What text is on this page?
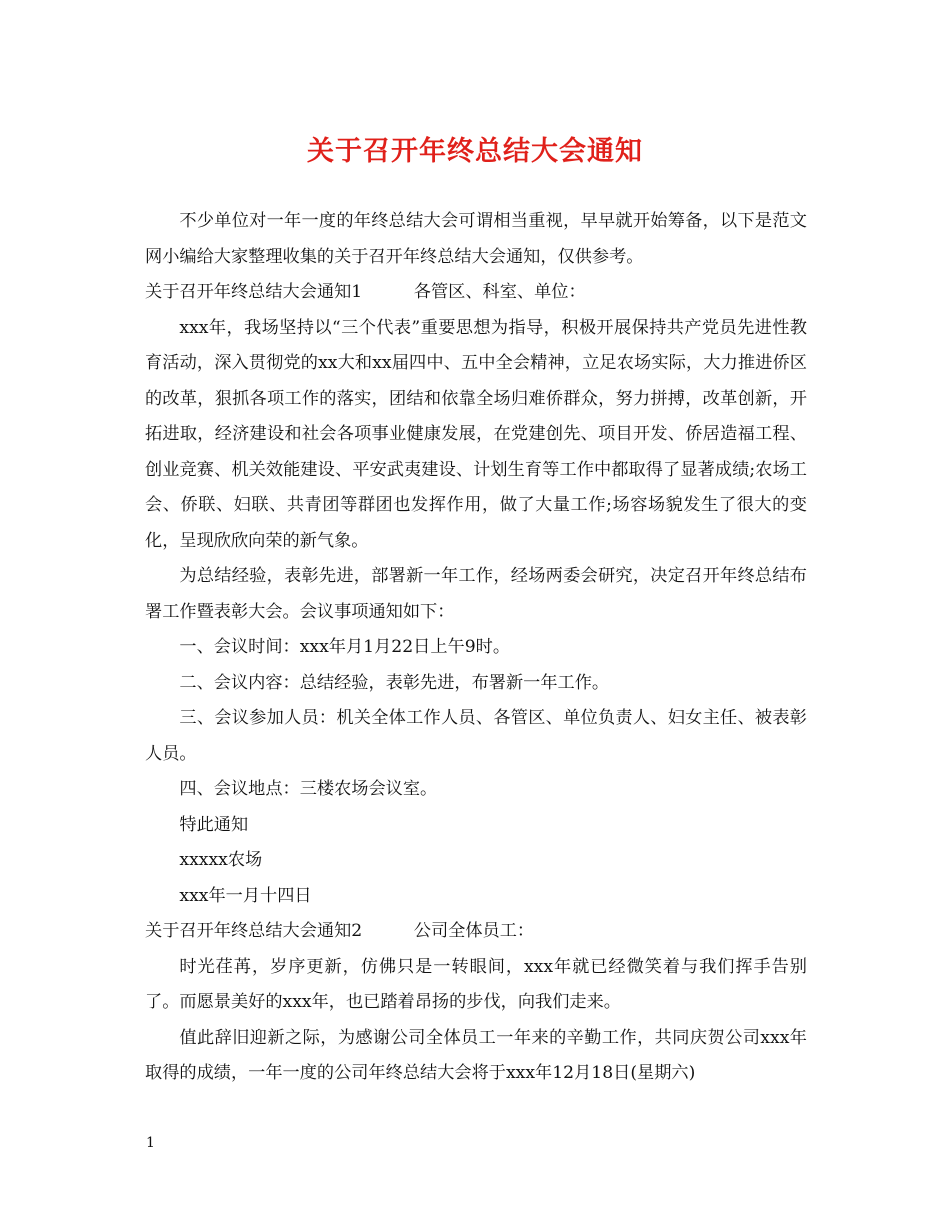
关于召开年终总结大会通知

不少单位对一年一度的年终总结大会可谓相当重视，早早就开始筹备，以下是范文网小编给大家整理收集的关于召开年终总结大会通知，仅供参考。

关于召开年终总结大会通知1	各管区、科室、单位：

xxx年，我场坚持以“三个代表”重要思想为指导，积极开展保持共产党员先进性教育活动，深入贯彻党的xx大和xx届四中、五中全会精神，立足农场实际，大力推进侨区的改革，狠抓各项工作的落实，团结和依靠全场归难侨群众，努力拼搏，改革创新，开拓进取，经济建设和社会各项事业健康发展，在党建创先、项目开发、侨居造福工程、创业竞赛、机关效能建设、平安武夷建设、计划生育等工作中都取得了显著成绩;农场工会、侨联、妇联、共青团等群团也发挥作用，做了大量工作;场容场貌发生了很大的变化，呈现欣欣向荣的新气象。

为总结经验，表彰先进，部署新一年工作，经场两委会研究，决定召开年终总结布署工作暨表彰大会。会议事项通知如下：

一、会议时间：xxx年月1月22日上午9时。

二、会议内容：总结经验，表彰先进，布署新一年工作。

三、会议参加人员：机关全体工作人员、各管区、单位负责人、妇女主任、被表彰人员。

四、会议地点：三楼农场会议室。

特此通知

xxxxx农场

xxx年一月十四日

关于召开年终总结大会通知2	公司全体员工：

时光荏苒，岁序更新，仿佛只是一转眼间，xxx年就已经微笑着与我们挥手告别了。而愿景美好的xxx年，也已踏着昂扬的步伐，向我们走来。

值此辞旧迎新之际，为感谢公司全体员工一年来的辛勤工作，共同庆贺公司xxx年取得的成绩，一年一度的公司年终总结大会将于xxx年12月18日(星期六)

1
